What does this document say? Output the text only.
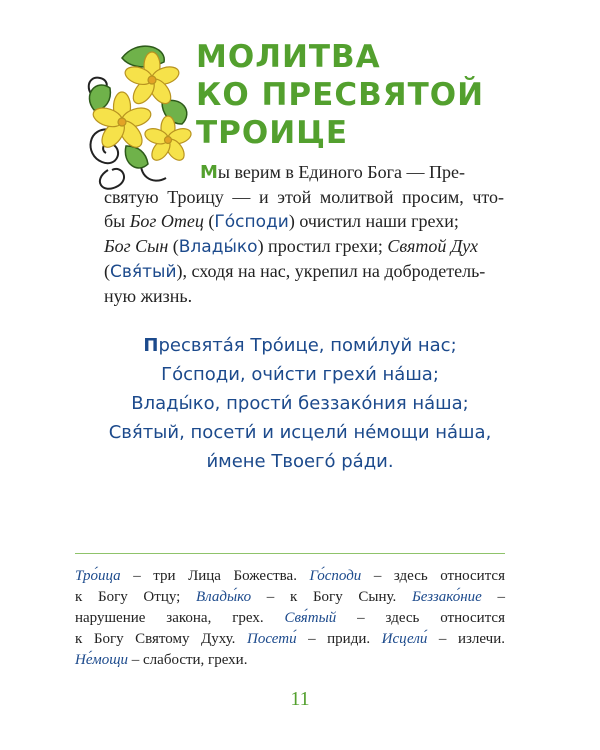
МОЛИТВА
КО ПРЕСВЯТОЙ
ТРОИЦЕ
Мы верим в Единого Бога — Пре-
святую Троицу — и этой молитвой просим, что-
бы Бог Отец (Го́споди) очистил наши грехи;
Бог Сын (Влады́ко) простил грехи; Святой Дух
(Свя́тый), сходя на нас, укрепил на добродетель-
ную жизнь.
Пресвята́я Тро́ице, поми́луй нас;
Го́споди, очи́сти грехи́ на́ша;
Влады́ко, прости́ беззако́ния на́ша;
Свя́тый, посети́ и исцели́ не́мощи на́ша,
и́мене Твоего́ ра́ди.
Тро́ица – три Лица Божества. Го́споди – здесь относится
к Богу Отцу; Влады́ко – к Богу Сыну. Беззако́ние –
нарушение закона, грех. Свя́тый – здесь относится
к Богу Святому Духу. Посети́ – приди. Исцели́ – излечи.
Не́мощи – слабости, грехи.
11
